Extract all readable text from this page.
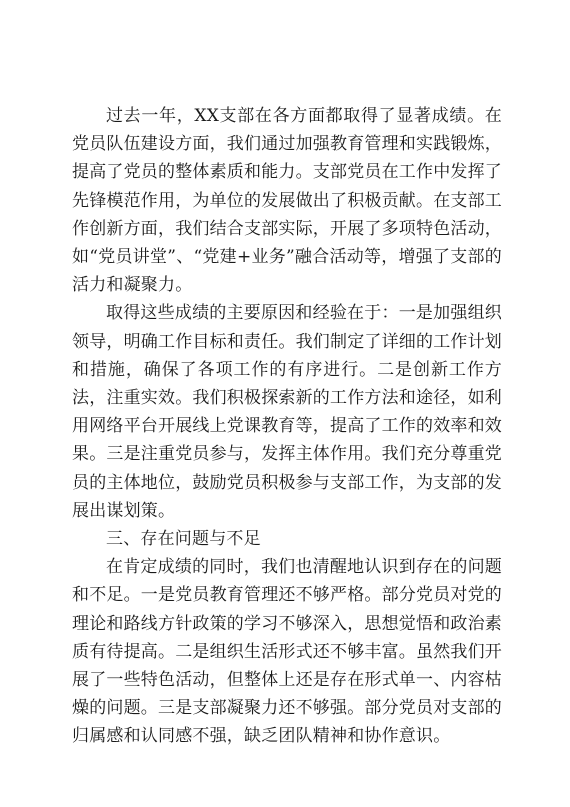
过去一年，XX支部在各方面都取得了显著成绩。在党员队伍建设方面，我们通过加强教育管理和实践锻炼，提高了党员的整体素质和能力。支部党员在工作中发挥了先锋模范作用，为单位的发展做出了积极贡献。在支部工作创新方面，我们结合支部实际，开展了多项特色活动，如“党员讲堂”、“党建+业务”融合活动等，增强了支部的活力和凝聚力。

取得这些成绩的主要原因和经验在于：一是加强组织领导，明确工作目标和责任。我们制定了详细的工作计划和措施，确保了各项工作的有序进行。二是创新工作方法，注重实效。我们积极探索新的工作方法和途径，如利用网络平台开展线上党课教育等，提高了工作的效率和效果。三是注重党员参与，发挥主体作用。我们充分尊重党员的主体地位，鼓励党员积极参与支部工作，为支部的发展出谋划策。

三、存在问题与不足

在肯定成绩的同时，我们也清醒地认识到存在的问题和不足。一是党员教育管理还不够严格。部分党员对党的理论和路线方针政策的学习不够深入，思想觉悟和政治素质有待提高。二是组织生活形式还不够丰富。虽然我们开展了一些特色活动，但整体上还是存在形式单一、内容枯燥的问题。三是支部凝聚力还不够强。部分党员对支部的归属感和认同感不强，缺乏团队精神和协作意识。
